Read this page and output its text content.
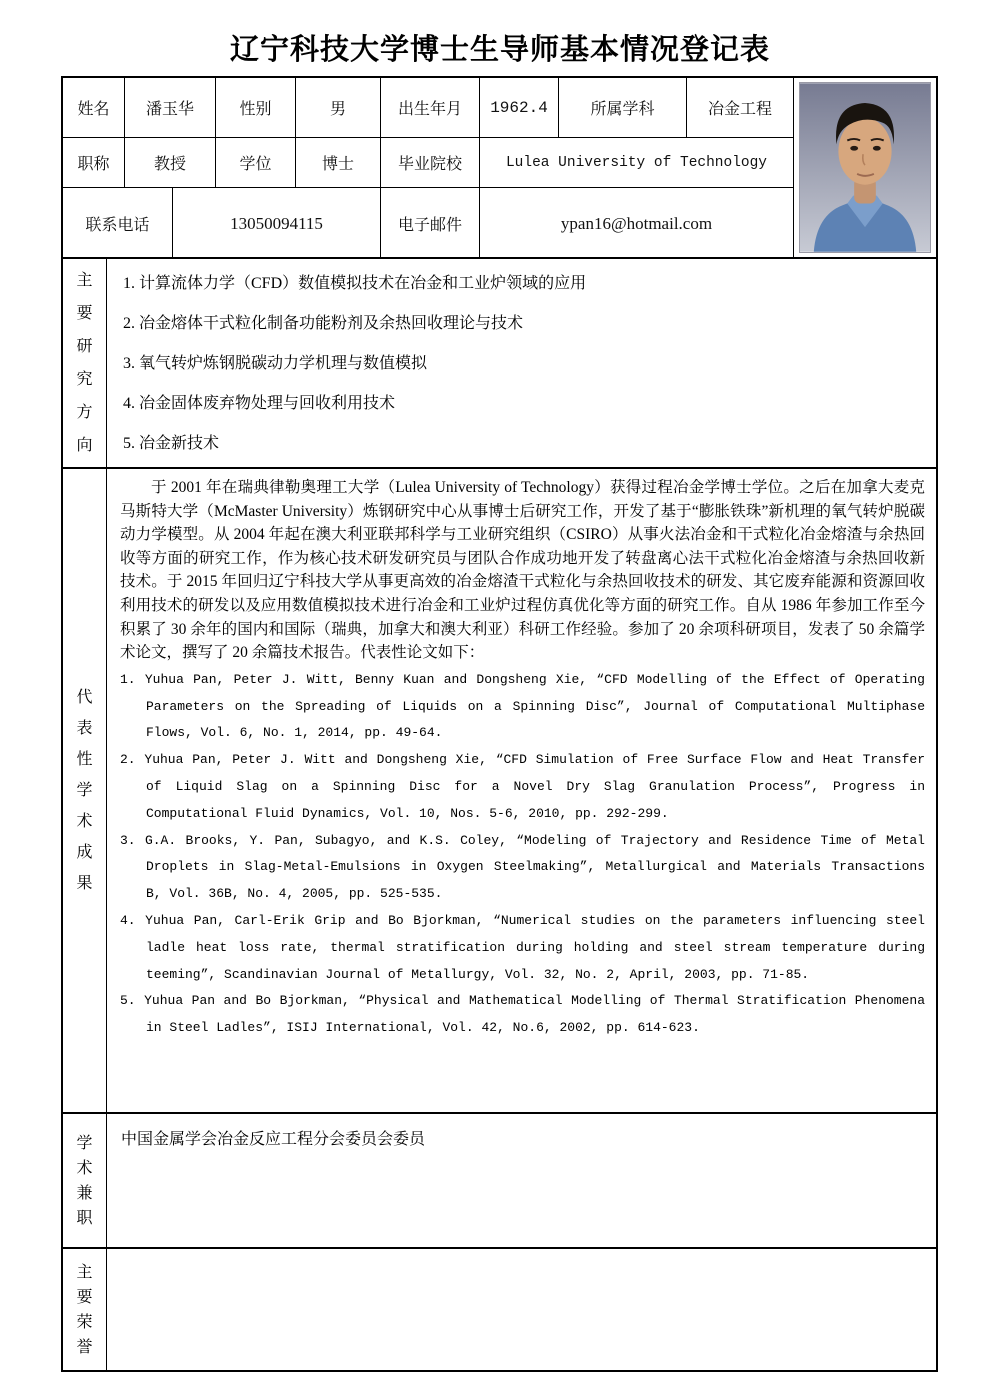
辽宁科技大学博士生导师基本情况登记表
姓名	潘玉华	性别	男	出生年月	1962.4	所属学科	冶金工程
职称	教授	学位	博士	毕业院校	Lulea University of Technology
联系电话	13050094115	电子邮件	ypan16@hotmail.com
主要研究方向
1. 计算流体力学（CFD）数值模拟技术在冶金和工业炉领域的应用
2. 冶金熔体干式粒化制备功能粉剂及余热回收理论与技术
3. 氧气转炉炼钢脱碳动力学机理与数值模拟
4. 冶金固体废弃物处理与回收利用技术
5. 冶金新技术
代表性学术成果
于 2001 年在瑞典律勒奥理工大学（Lulea University of Technology）获得过程冶金学博士学位。之后在加拿大麦克马斯特大学（McMaster University）炼钢研究中心从事博士后研究工作，开发了基于“膨胀铁珠”新机理的氧气转炉脱碳动力学模型。从 2004 年起在澳大利亚联邦科学与工业研究组织（CSIRO）从事火法冶金和干式粒化冶金熔渣与余热回收等方面的研究工作，作为核心技术研发研究员与团队合作成功地开发了转盘离心法干式粒化冶金熔渣与余热回收新技术。于 2015 年回归辽宁科技大学从事更高效的冶金熔渣干式粒化与余热回收技术的研发、其它废弃能源和资源回收利用技术的研发以及应用数值模拟技术进行冶金和工业炉过程仿真优化等方面的研究工作。自从 1986 年参加工作至今积累了 30 余年的国内和国际（瑞典，加拿大和澳大利亚）科研工作经验。参加了 20 余项科研项目，发表了 50 余篇学术论文，撰写了 20 余篇技术报告。代表性论文如下：
1. Yuhua Pan, Peter J. Witt, Benny Kuan and Dongsheng Xie, “CFD Modelling of the Effect of Operating Parameters on the Spreading of Liquids on a Spinning Disc”, Journal of Computational Multiphase Flows, Vol. 6, No. 1, 2014, pp. 49-64.
2. Yuhua Pan, Peter J. Witt and Dongsheng Xie, “CFD Simulation of Free Surface Flow and Heat Transfer of Liquid Slag on a Spinning Disc for a Novel Dry Slag Granulation Process”, Progress in Computational Fluid Dynamics, Vol. 10, Nos. 5-6, 2010, pp. 292-299.
3. G.A. Brooks, Y. Pan, Subagyo, and K.S. Coley, “Modeling of Trajectory and Residence Time of Metal Droplets in Slag-Metal-Emulsions in Oxygen Steelmaking”, Metallurgical and Materials Transactions B, Vol. 36B, No. 4, 2005, pp. 525-535.
4. Yuhua Pan, Carl-Erik Grip and Bo Bjorkman, “Numerical studies on the parameters influencing steel ladle heat loss rate, thermal stratification during holding and steel stream temperature during teeming”, Scandinavian Journal of Metallurgy, Vol. 32, No. 2, April, 2003, pp. 71-85.
5. Yuhua Pan and Bo Bjorkman, “Physical and Mathematical Modelling of Thermal Stratification Phenomena in Steel Ladles”, ISIJ International, Vol. 42, No.6, 2002, pp. 614-623.
学术兼职
中国金属学会冶金反应工程分会委员会委员
主要荣誉
